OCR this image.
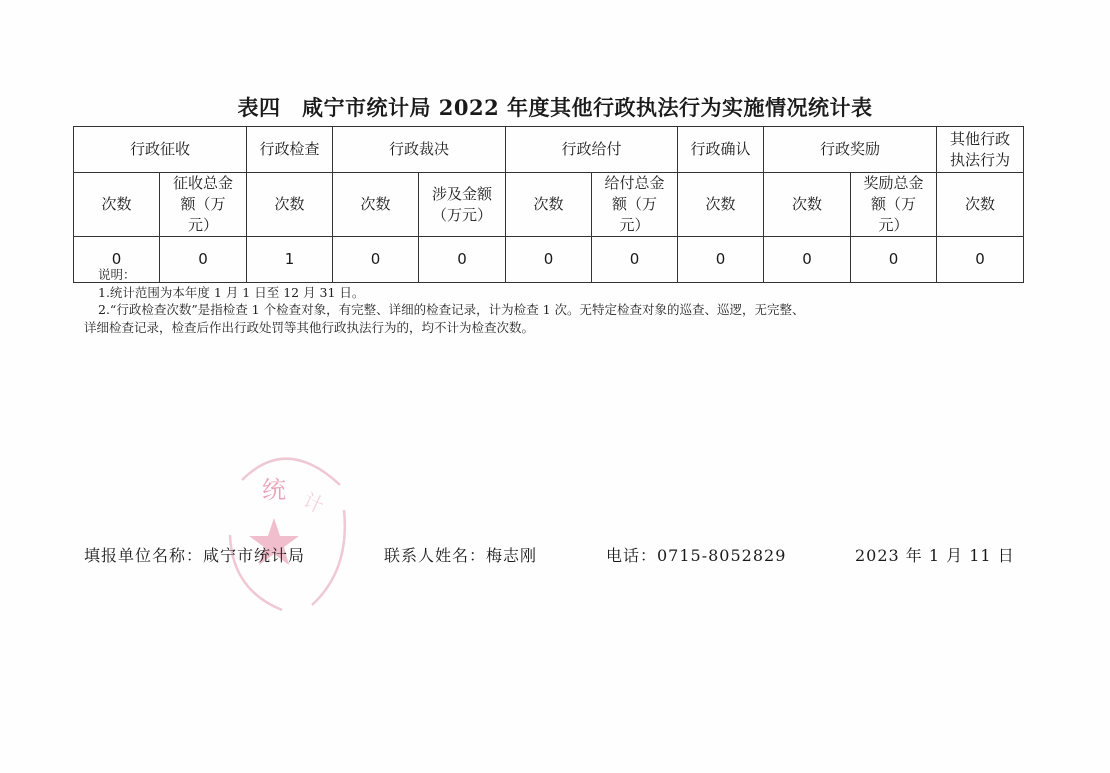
表四　咸宁市统计局 2022 年度其他行政执法行为实施情况统计表
行政征收		行政检查	行政裁决		行政给付		行政确认	行政奖励		其他行政执法行为
次数	征收总金额（万元）	次数	次数	涉及金额（万元）	次数	给付总金额（万元）	次数	次数	奖励总金额（万元）	次数
0	0	1	0	0	0	0	0	0	0	0
说明：
1.统计范围为本年度 1 月 1 日至 12 月 31 日。
2.“行政检查次数”是指检查 1 个检查对象，有完整、详细的检查记录，计为检查 1 次。无特定检查对象的巡查、巡逻，无完整、
详细检查记录，检查后作出行政处罚等其他行政执法行为的，均不计为检查次数。
统 计
填报单位名称：咸宁市统计局	联系人姓名：梅志刚	电话：0715-8052829	2023 年 1 月 11 日
